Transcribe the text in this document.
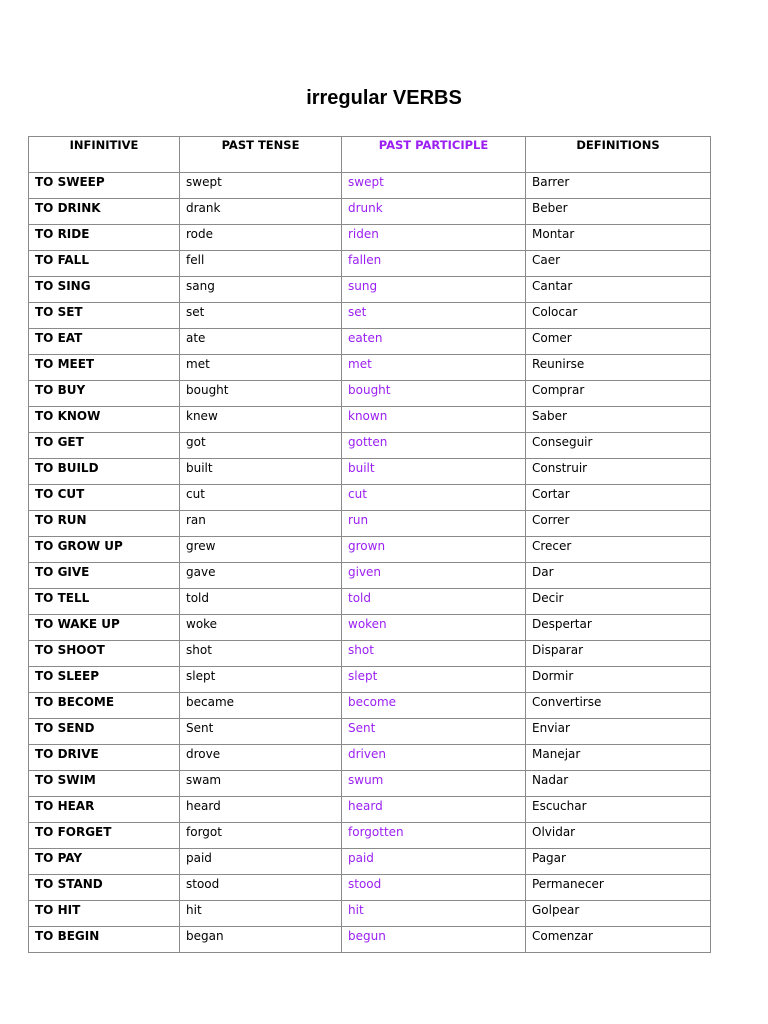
irregular VERBS
INFINITIVE	PAST TENSE	PAST PARTICIPLE	DEFINITIONS
TO SWEEP	swept	swept	Barrer
TO DRINK	drank	drunk	Beber
TO RIDE	rode	riden	Montar
TO FALL	fell	fallen	Caer
TO SING	sang	sung	Cantar
TO SET	set	set	Colocar
TO EAT	ate	eaten	Comer
TO MEET	met	met	Reunirse
TO BUY	bought	bought	Comprar
TO KNOW	knew	known	Saber
TO GET	got	gotten	Conseguir
TO BUILD	built	built	Construir
TO CUT	cut	cut	Cortar
TO RUN	ran	run	Correr
TO GROW UP	grew	grown	Crecer
TO GIVE	gave	given	Dar
TO TELL	told	told	Decir
TO WAKE UP	woke	woken	Despertar
TO SHOOT	shot	shot	Disparar
TO SLEEP	slept	slept	Dormir
TO BECOME	became	become	Convertirse
TO SEND	Sent	Sent	Enviar
TO DRIVE	drove	driven	Manejar
TO SWIM	swam	swum	Nadar
TO HEAR	heard	heard	Escuchar
TO FORGET	forgot	forgotten	Olvidar
TO PAY	paid	paid	Pagar
TO STAND	stood	stood	Permanecer
TO HIT	hit	hit	Golpear
TO BEGIN	began	begun	Comenzar
